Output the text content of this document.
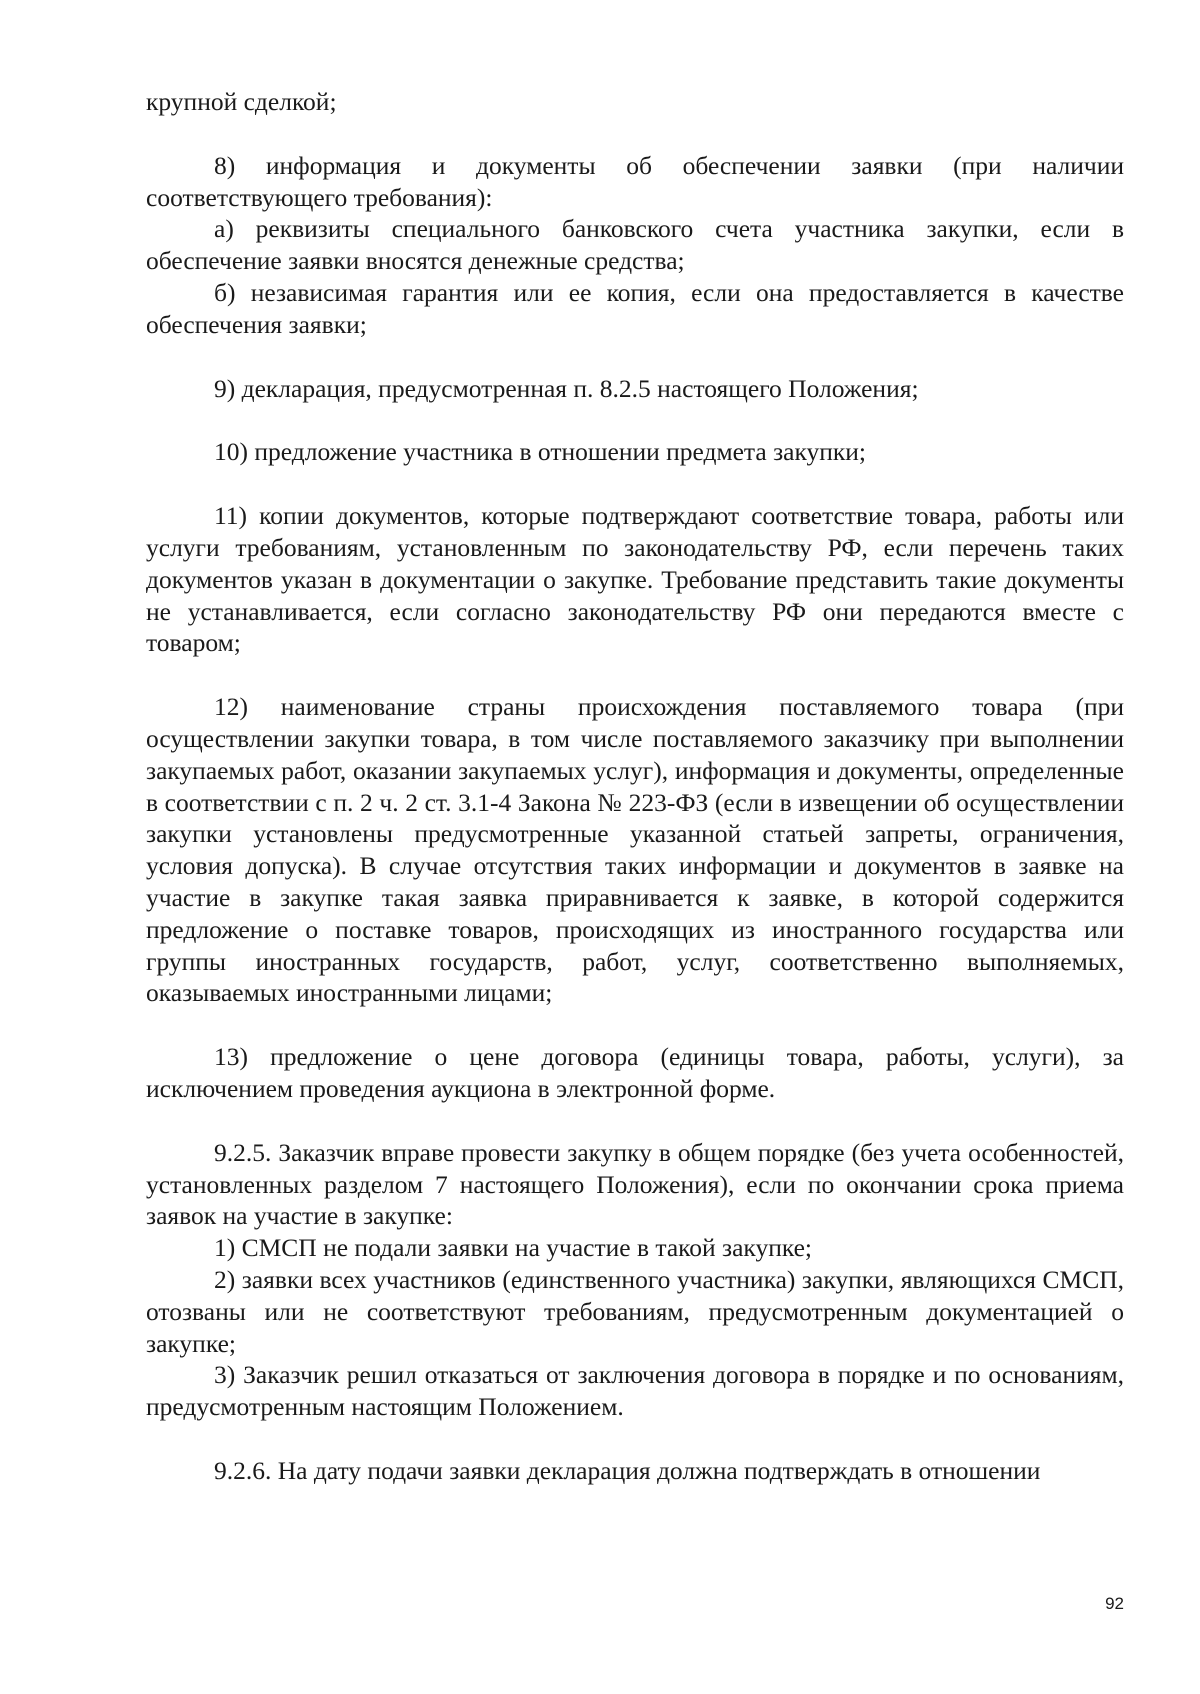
крупной сделкой;

8) информация и документы об обеспечении заявки (при наличии соответствующего требования):

а) реквизиты специального банковского счета участника закупки, если в обеспечение заявки вносятся денежные средства;

б) независимая гарантия или ее копия, если она предоставляется в качестве обеспечения заявки;

9) декларация, предусмотренная п. 8.2.5 настоящего Положения;

10) предложение участника в отношении предмета закупки;

11) копии документов, которые подтверждают соответствие товара, работы или услуги требованиям, установленным по законодательству РФ, если перечень таких документов указан в документации о закупке. Требование представить такие документы не устанавливается, если согласно законодательству РФ они передаются вместе с товаром;

12) наименование страны происхождения поставляемого товара (при осуществлении закупки товара, в том числе поставляемого заказчику при выполнении закупаемых работ, оказании закупаемых услуг), информация и документы, определенные в соответствии с п. 2 ч. 2 ст. 3.1-4 Закона № 223-ФЗ (если в извещении об осуществлении закупки установлены предусмотренные указанной статьей запреты, ограничения, условия допуска). В случае отсутствия таких информации и документов в заявке на участие в закупке такая заявка приравнивается к заявке, в которой содержится предложение о поставке товаров, происходящих из иностранного государства или группы иностранных государств, работ, услуг, соответственно выполняемых, оказываемых иностранными лицами;

13) предложение о цене договора (единицы товара, работы, услуги), за исключением проведения аукциона в электронной форме.

9.2.5. Заказчик вправе провести закупку в общем порядке (без учета особенностей, установленных разделом 7 настоящего Положения), если по окончании срока приема заявок на участие в закупке:

1) СМСП не подали заявки на участие в такой закупке;

2) заявки всех участников (единственного участника) закупки, являющихся СМСП, отозваны или не соответствуют требованиям, предусмотренным документацией о закупке;

3) Заказчик решил отказаться от заключения договора в порядке и по основаниям, предусмотренным настоящим Положением.

9.2.6. На дату подачи заявки декларация должна подтверждать в отношении

92
